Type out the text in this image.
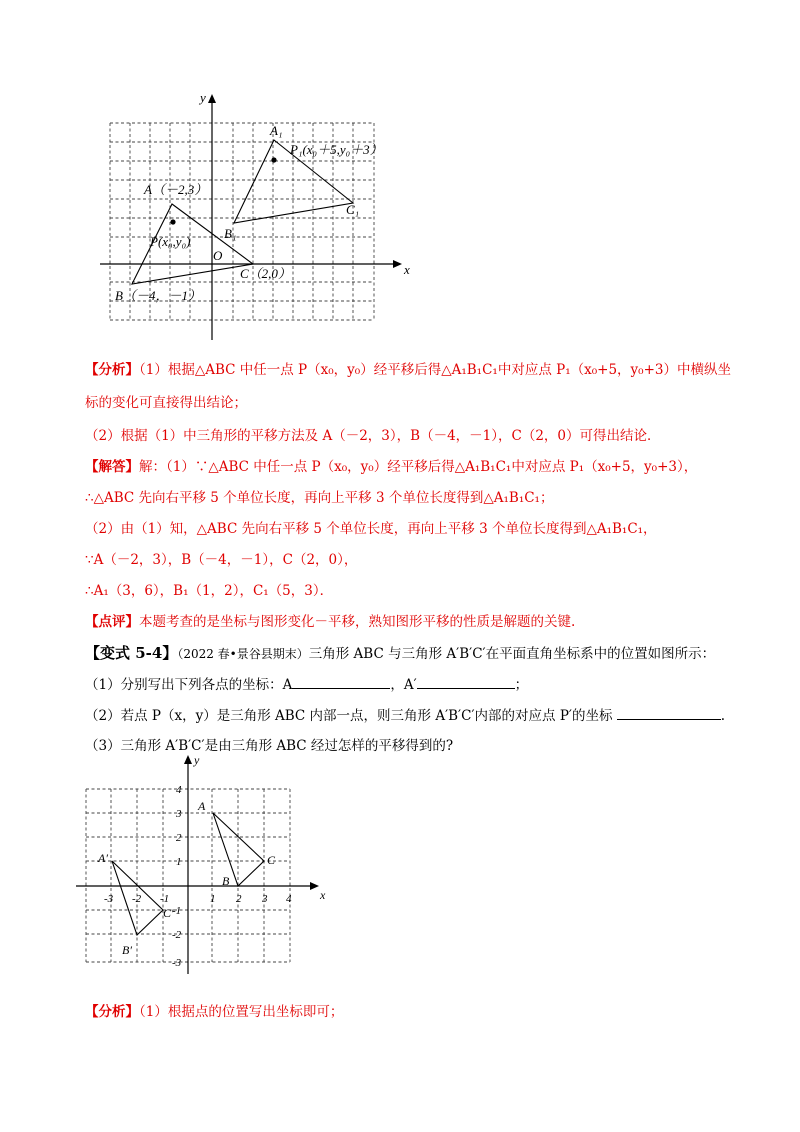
y
x
O
A（－2,3）
B（－4，－1）
C（2,0）
P(x₀,y₀)
A₁
B₁
C₁
P₁(x₀＋5,y₀＋3）
【分析】（1）根据△ABC 中任一点 P（x₀，y₀）经平移后得△A₁B₁C₁中对应点 P₁（x₀+5，y₀+3）中横纵坐
标的变化可直接得出结论；
（2）根据（1）中三角形的平移方法及 A（－2，3），B（－4，－1），C（2，0）可得出结论．
【解答】解：（1）∵△ABC 中任一点 P（x₀，y₀）经平移后得△A₁B₁C₁中对应点 P₁（x₀+5，y₀+3），
∴△ABC 先向右平移 5 个单位长度，再向上平移 3 个单位长度得到△A₁B₁C₁；
（2）由（1）知，△ABC 先向右平移 5 个单位长度，再向上平移 3 个单位长度得到△A₁B₁C₁，
∵A（－2，3），B（－4，－1），C（2，0），
∴A₁（3，6），B₁（1，2），C₁（5，3）．
【点评】本题考查的是坐标与图形变化－平移，熟知图形平移的性质是解题的关键.
【变式 5-4】（2022 春•景谷县期末）三角形 ABC 与三角形 A′B′C′在平面直角坐标系中的位置如图所示：
（1）分别写出下列各点的坐标：A	，A′	；
（2）若点 P（x，y）是三角形 ABC 内部一点，则三角形 A′B′C′内部的对应点 P′的坐标	.
（3）三角形 A′B′C′是由三角形 ABC 经过怎样的平移得到的?
y
x
A
B
C
A′
B′
C′
-3 -2 -1	1 2 3 4
4
3
2
1
-1
-2
-3
【分析】（1）根据点的位置写出坐标即可；
